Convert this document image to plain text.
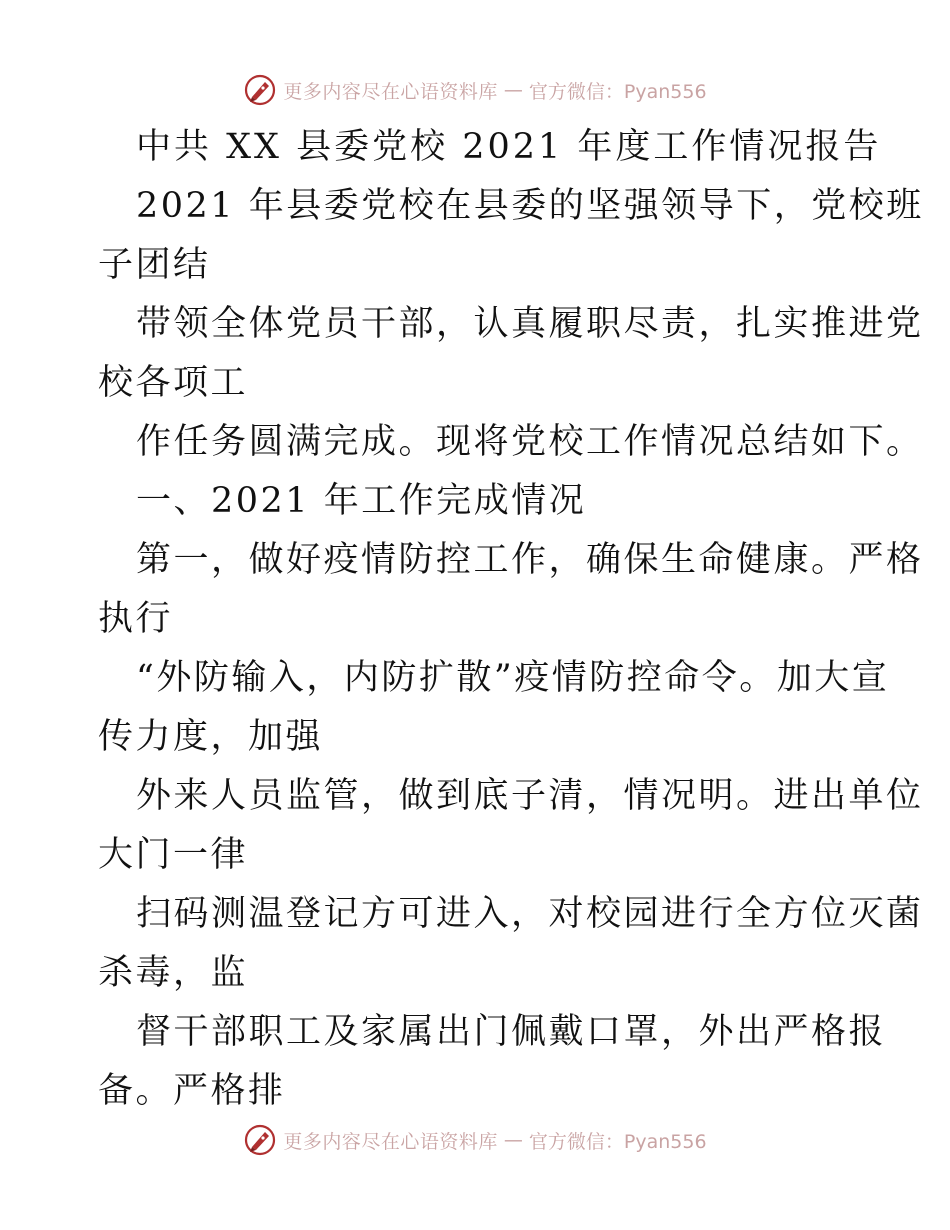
更多内容尽在心语资料库 — 官方微信：Pyan556
中共 XX 县委党校 2021 年度工作情况报告
2021 年县委党校在县委的坚强领导下，党校班
子团结
带领全体党员干部，认真履职尽责，扎实推进党
校各项工
作任务圆满完成。现将党校工作情况总结如下。
一、2021 年工作完成情况
第一，做好疫情防控工作，确保生命健康。严格
执行
“外防输入，内防扩散”疫情防控命令。加大宣
传力度，加强
外来人员监管，做到底子清，情况明。进出单位
大门一律
扫码测温登记方可进入，对校园进行全方位灭菌
杀毒，监
督干部职工及家属出门佩戴口罩，外出严格报
备。严格排
更多内容尽在心语资料库 — 官方微信：Pyan556
